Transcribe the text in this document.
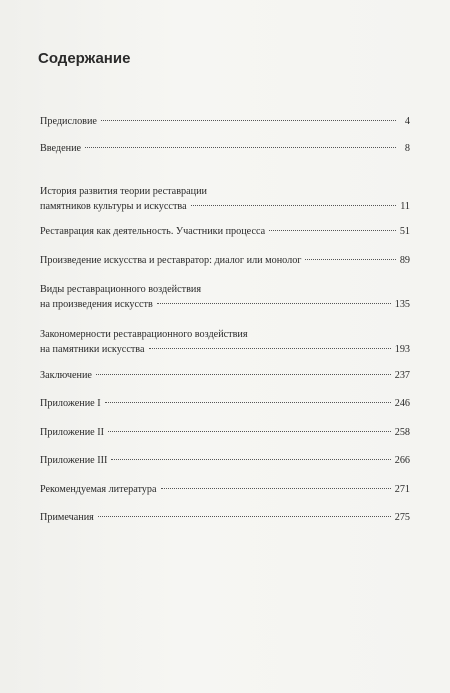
Содержание
Предисловие	4
Введение	8
История развития теории реставрации
памятников культуры и искусства	11
Реставрация как деятельность. Участники процесса	51
Произведение искусства и реставратор: диалог или монолог	89
Виды реставрационного воздействия
на произведения искусств	135
Закономерности реставрационного воздействия
на памятники искусства	193
Заключение	237
Приложение I	246
Приложение II	258
Приложение III	266
Рекомендуемая литература	271
Примечания	275
